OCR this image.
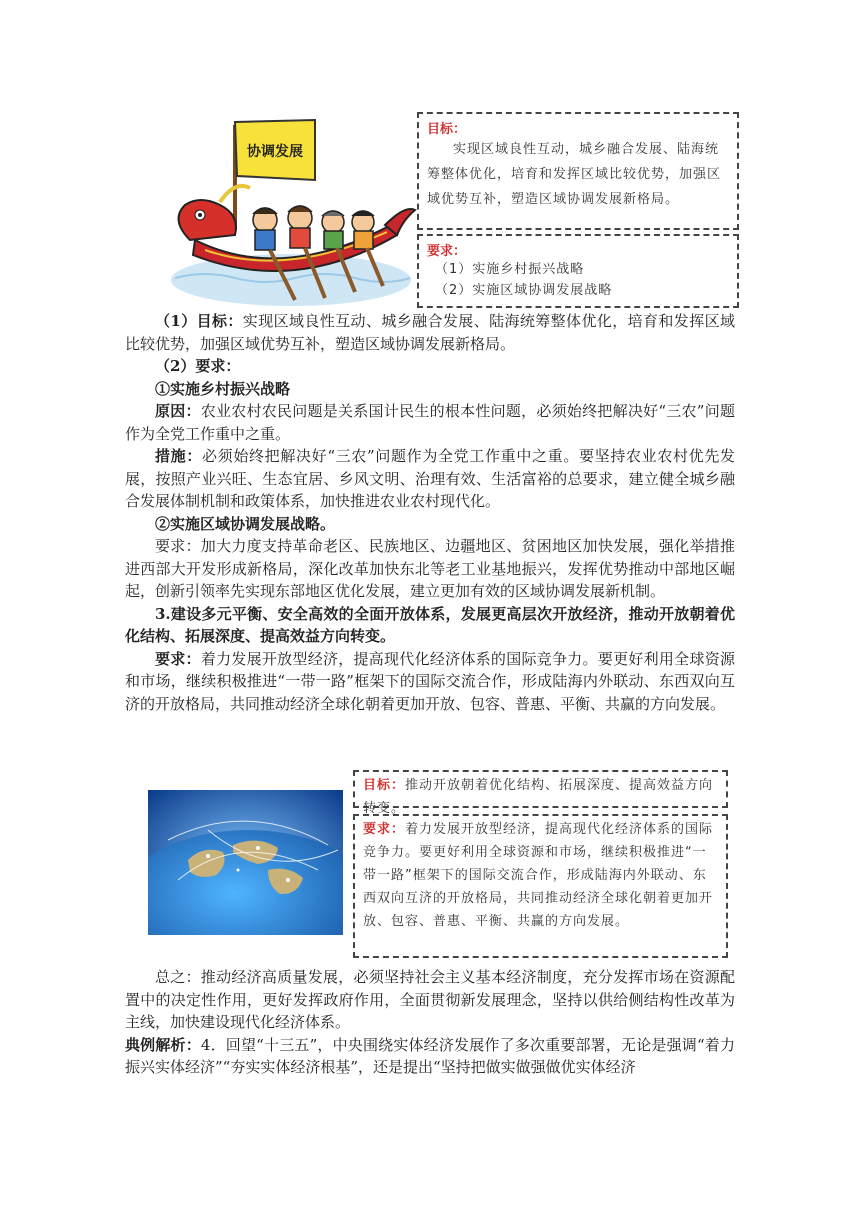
协调发展
目标：
实现区域良性互动，城乡融合发展、陆海统筹整体优化，培育和发挥区域比较优势，加强区域优势互补，塑造区域协调发展新格局。
要求：
（1）实施乡村振兴战略
（2）实施区域协调发展战略

（1）目标：实现区域良性互动、城乡融合发展、陆海统筹整体优化，培育和发挥区域比较优势，加强区域优势互补，塑造区域协调发展新格局。

（2）要求：

①实施乡村振兴战略

原因：农业农村农民问题是关系国计民生的根本性问题，必须始终把解决好“三农”问题作为全党工作重中之重。

措施：必须始终把解决好“三农”问题作为全党工作重中之重。要坚持农业农村优先发展，按照产业兴旺、生态宜居、乡风文明、治理有效、生活富裕的总要求，建立健全城乡融合发展体制机制和政策体系，加快推进农业农村现代化。

②实施区域协调发展战略。

要求：加大力度支持革命老区、民族地区、边疆地区、贫困地区加快发展，强化举措推进西部大开发形成新格局，深化改革加快东北等老工业基地振兴，发挥优势推动中部地区崛起，创新引领率先实现东部地区优化发展，建立更加有效的区域协调发展新机制。

3.建设多元平衡、安全高效的全面开放体系，发展更高层次开放经济，推动开放朝着优化结构、拓展深度、提高效益方向转变。

要求：着力发展开放型经济，提高现代化经济体系的国际竞争力。要更好利用全球资源和市场，继续积极推进“一带一路”框架下的国际交流合作，形成陆海内外联动、东西双向互济的开放格局，共同推动经济全球化朝着更加开放、包容、普惠、平衡、共赢的方向发展。

目标：推动开放朝着优化结构、拓展深度、提高效益方向转变。
要求：着力发展开放型经济，提高现代化经济体系的国际竞争力。要更好利用全球资源和市场，继续积极推进“一带一路”框架下的国际交流合作，形成陆海内外联动、东西双向互济的开放格局，共同推动经济全球化朝着更加开放、包容、普惠、平衡、共赢的方向发展。

总之：推动经济高质量发展，必须坚持社会主义基本经济制度，充分发挥市场在资源配置中的决定性作用，更好发挥政府作用，全面贯彻新发展理念，坚持以供给侧结构性改革为主线，加快建设现代化经济体系。

典例解析：4．回望“十三五”，中央围绕实体经济发展作了多次重要部署，无论是强调“着力振兴实体经济”“夯实实体经济根基”，还是提出“坚持把做实做强做优实体经济
